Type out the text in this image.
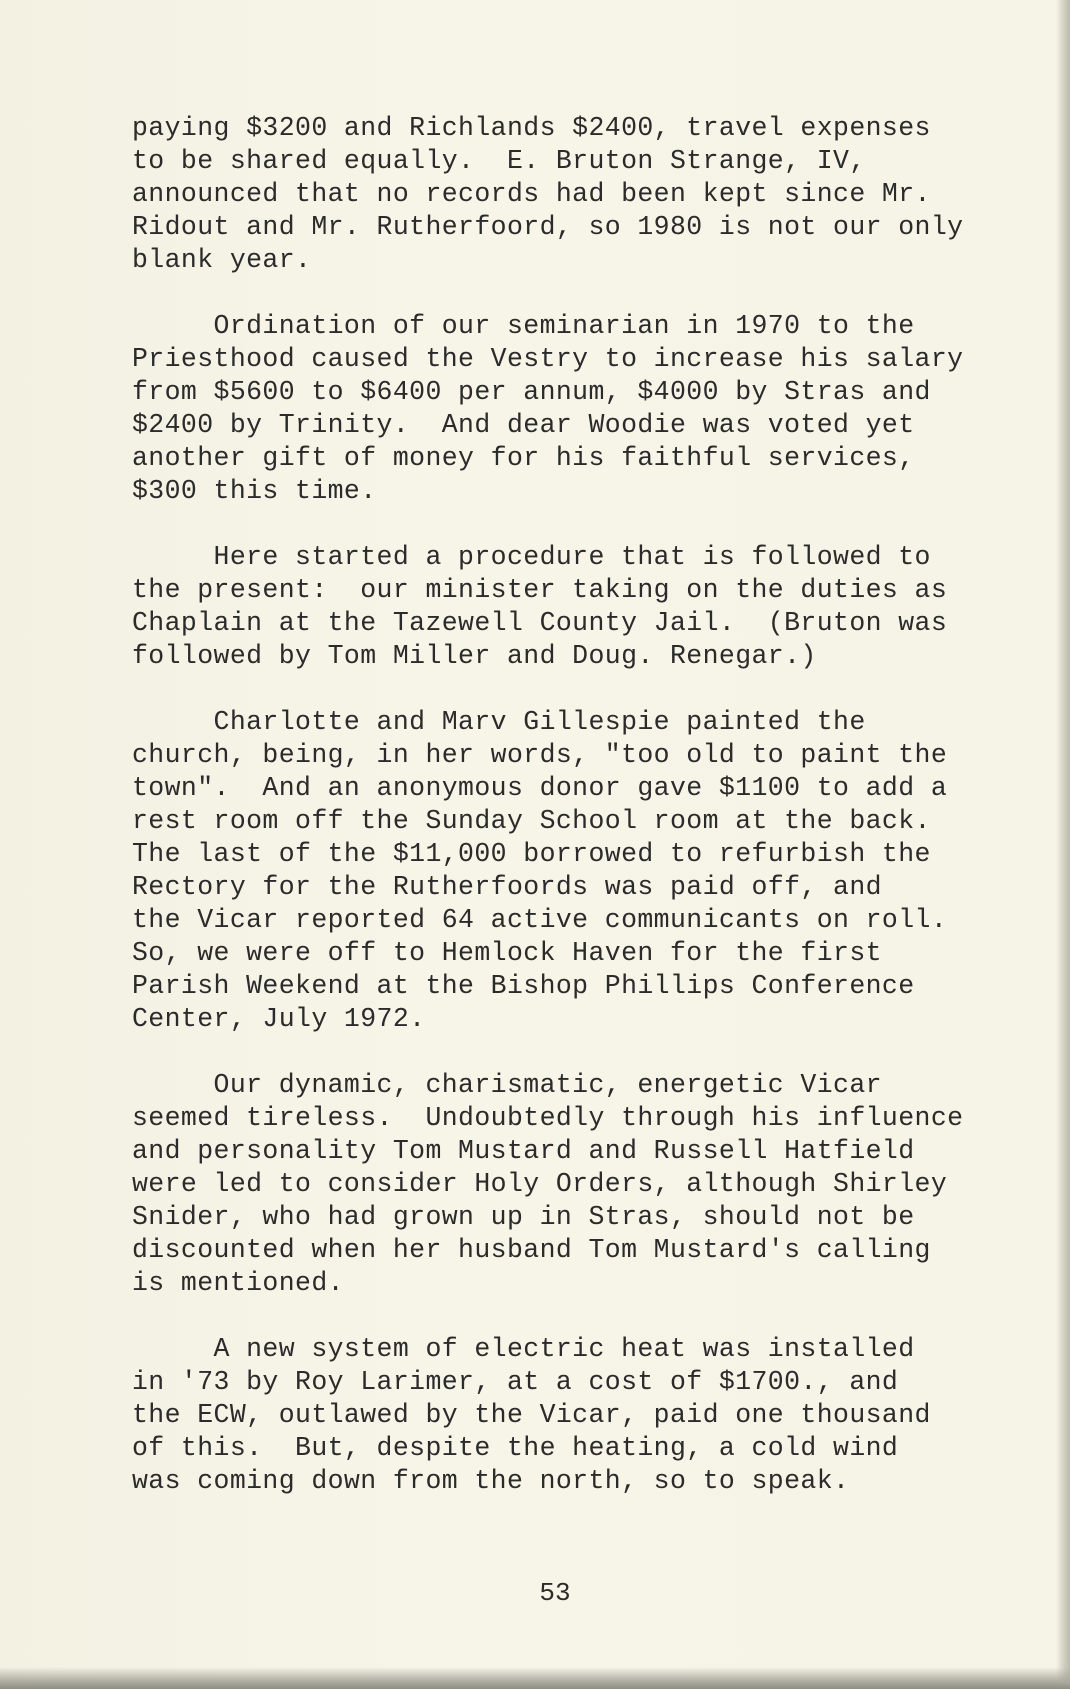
paying $3200 and Richlands $2400, travel expenses
to be shared equally.  E. Bruton Strange, IV,
announced that no records had been kept since Mr.
Ridout and Mr. Rutherfoord, so 1980 is not our only
blank year.

Ordination of our seminarian in 1970 to the
Priesthood caused the Vestry to increase his salary
from $5600 to $6400 per annum, $4000 by Stras and
$2400 by Trinity.  And dear Woodie was voted yet
another gift of money for his faithful services,
$300 this time.

Here started a procedure that is followed to
the present:  our minister taking on the duties as
Chaplain at the Tazewell County Jail.  (Bruton was
followed by Tom Miller and Doug. Renegar.)

Charlotte and Marv Gillespie painted the
church, being, in her words, "too old to paint the
town".  And an anonymous donor gave $1100 to add a
rest room off the Sunday School room at the back.
The last of the $11,000 borrowed to refurbish the
Rectory for the Rutherfoords was paid off, and
the Vicar reported 64 active communicants on roll.
So, we were off to Hemlock Haven for the first
Parish Weekend at the Bishop Phillips Conference
Center, July 1972.

Our dynamic, charismatic, energetic Vicar
seemed tireless.  Undoubtedly through his influence
and personality Tom Mustard and Russell Hatfield
were led to consider Holy Orders, although Shirley
Snider, who had grown up in Stras, should not be
discounted when her husband Tom Mustard's calling
is mentioned.

A new system of electric heat was installed
in '73 by Roy Larimer, at a cost of $1700., and
the ECW, outlawed by the Vicar, paid one thousand
of this.  But, despite the heating, a cold wind
was coming down from the north, so to speak.

53
